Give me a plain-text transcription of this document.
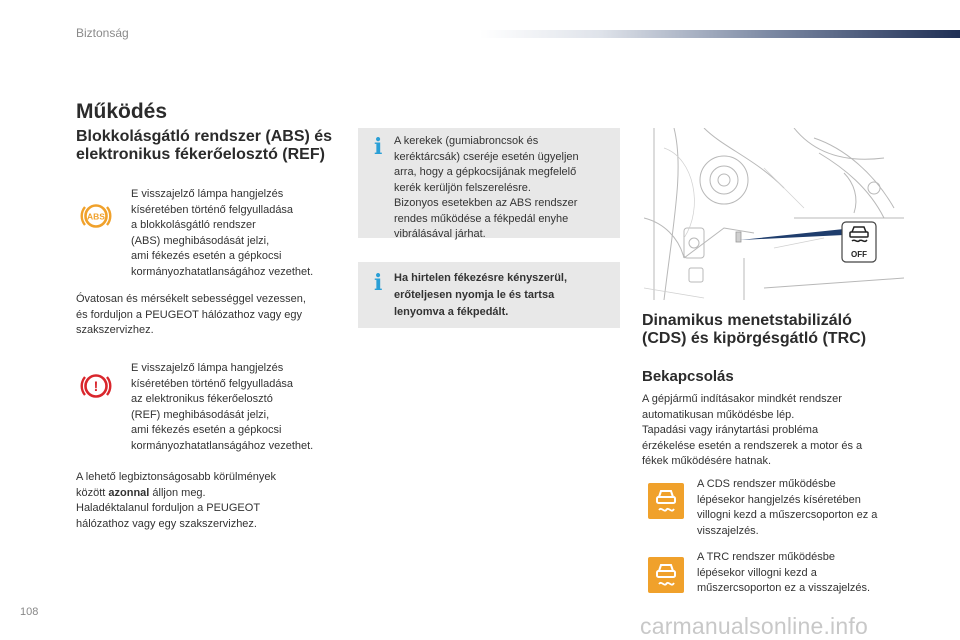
Biztonság
Működés
Blokkolásgátló rendszer (ABS) és
elektronikus fékerőelosztó (REF)
ABS
E visszajelző lámpa hangjelzés
kíséretében történő felgyulladása
a blokkolásgátló rendszer
(ABS) meghibásodását jelzi,
ami fékezés esetén a gépkocsi
kormányozhatatlanságához vezethet.
Óvatosan és mérsékelt sebességgel vezessen,
és forduljon a PEUGEOT hálózathoz vagy egy
szakszervizhez.
!
E visszajelző lámpa hangjelzés
kíséretében történő felgyulladása
az elektronikus fékerőelosztó
(REF) meghibásodását jelzi,
ami fékezés esetén a gépkocsi
kormányozhatatlanságához vezethet.
A lehető legbiztonságosabb körülmények
között azonnal álljon meg.
Haladéktalanul forduljon a PEUGEOT
hálózathoz vagy egy szakszervizhez.
i A kerekek (gumiabroncsok és
keréktárcsák) cseréje esetén ügyeljen
arra, hogy a gépkocsijának megfelelő
kerék kerüljön felszerelésre.
Bizonyos esetekben az ABS rendszer
rendes működése a fékpedál enyhe
vibrálásával járhat.
i Ha hirtelen fékezésre kényszerül,
erőteljesen nyomja le és tartsa
lenyomva a fékpedált.
OFF
Dinamikus menetstabilizáló
(CDS) és kipörgésgátló (TRC)
Bekapcsolás
A gépjármű indításakor mindkét rendszer
automatikusan működésbe lép.
Tapadási vagy iránytartási probléma
érzékelése esetén a rendszerek a motor és a
fékek működésére hatnak.
A CDS rendszer működésbe
lépésekor hangjelzés kíséretében
villogni kezd a műszercsoporton ez a
visszajelzés.
A TRC rendszer működésbe
lépésekor villogni kezd a
műszercsoporton ez a visszajelzés.
108
carmanualsonline.info
